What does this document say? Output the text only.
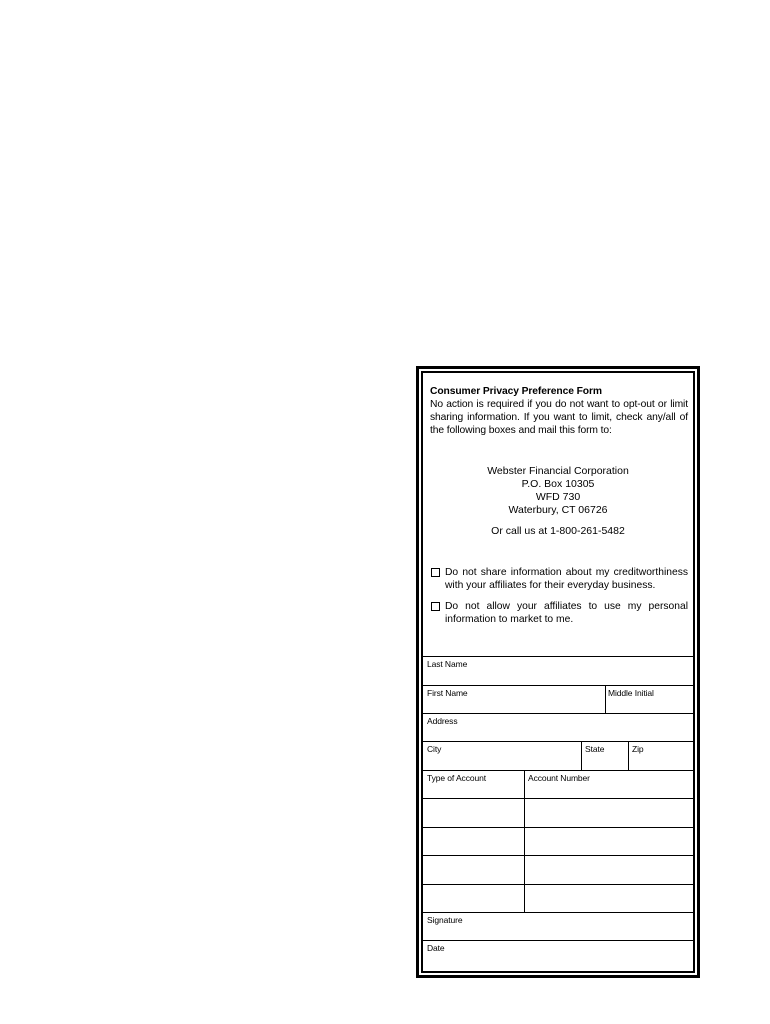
Consumer Privacy Preference Form
No action is required if you do not want to opt-out or limit sharing information. If you want to limit, check any/all of the following boxes and mail this form to:
Webster Financial Corporation
P.O. Box 10305
WFD 730
Waterbury, CT 06726
Or call us at 1-800-261-5482
Do not share information about my creditworthiness with your affiliates for their everyday business.
Do not allow your affiliates to use my personal information to market to me.
Last Name
First Name	Middle Initial
Address
City	State	Zip
Type of Account	Account Number
Signature
Date
